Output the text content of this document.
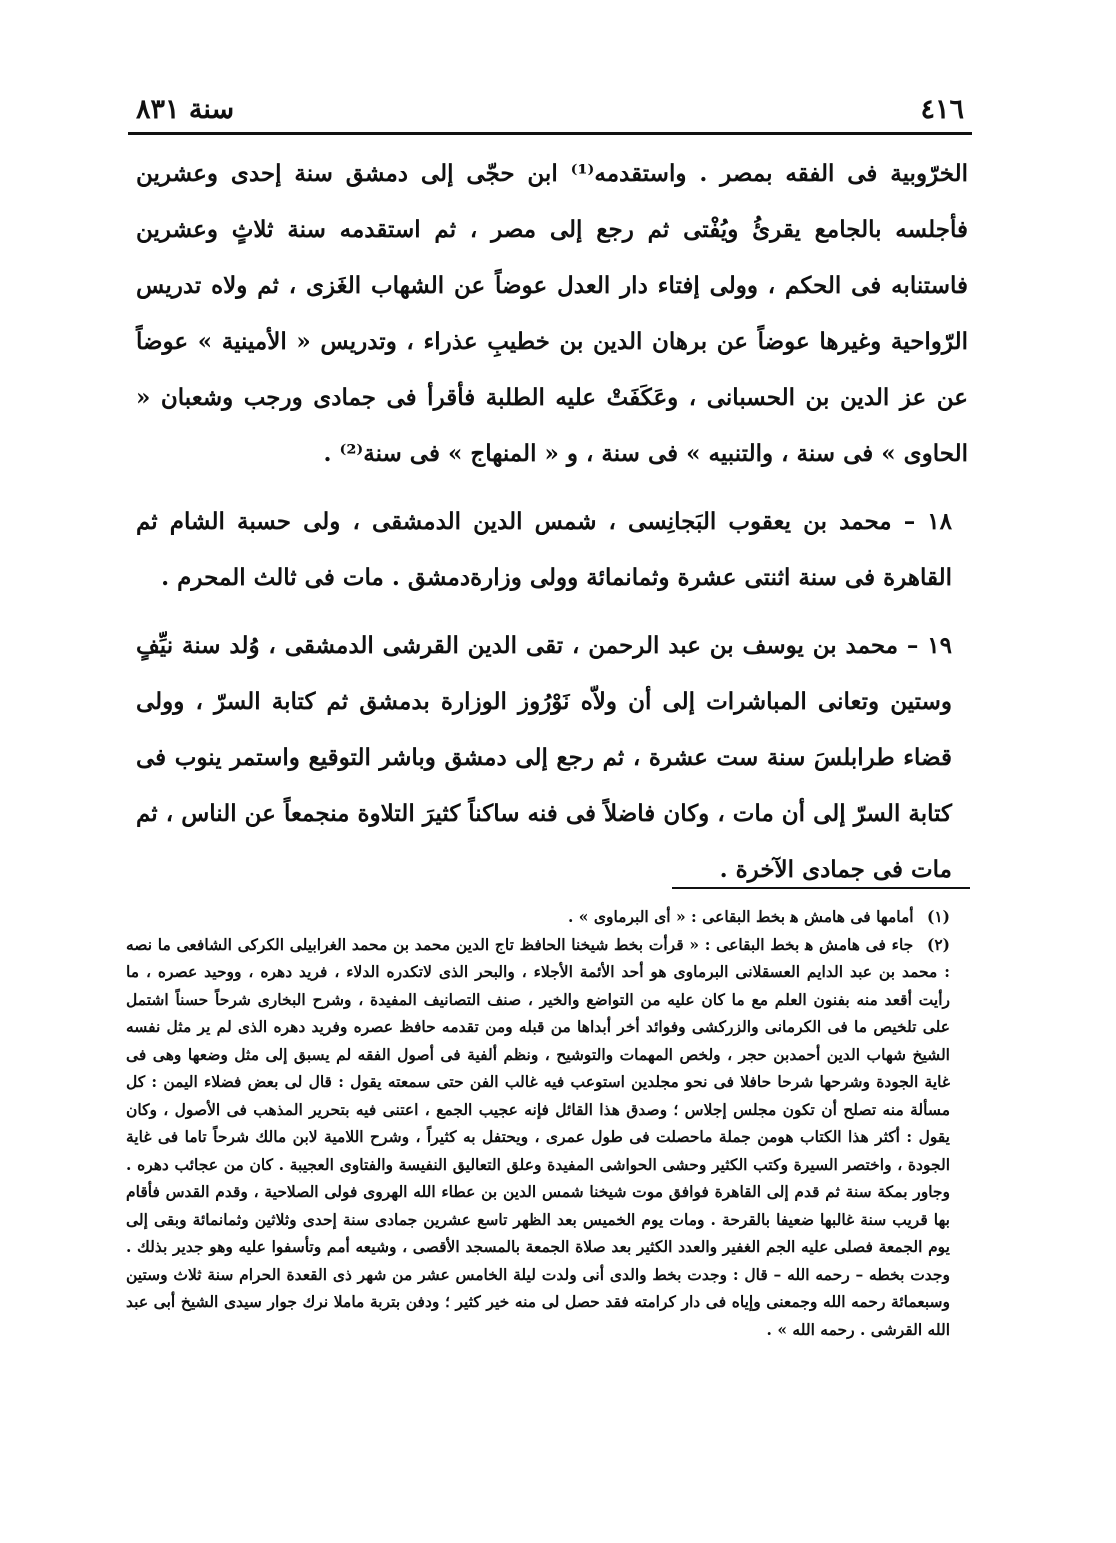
٤١٦
سنة ٨٣١

الخرّوبية فى الفقه بمصر . واستقدمه⁽¹⁾ ابن حجّى إلى دمشق سنة إحدى وعشرين فأجلسه بالجامع يقرئُ ويُفْتى ثم رجع إلى مصر ، ثم استقدمه سنة ثلاثٍ وعشرين فاستنابه فى الحكم ، وولى إفتاء دار العدل عوضاً عن الشهاب الغَزى ، ثم ولاه تدريس الرّواحية وغيرها عوضاً عن برهان الدين بن خطيبِ عذراء ، وتدريس « الأمينية » عوضاً عن عز الدين بن الحسبانى ، وعَكَفَتْ عليه الطلبة فأقرأ فى جمادى ورجب وشعبان « الحاوى » فى سنة ، والتنبيه » فى سنة ، و « المنهاج » فى سنة⁽²⁾ .

١٨ – محمد بن يعقوب البَجانِسى ، شمس الدين الدمشقى ، ولى حسبة الشام ثم القاهرة فى سنة اثنتى عشرة وثمانمائة وولى وزارةدمشق . مات فى ثالث المحرم .

١٩ – محمد بن يوسف بن عبد الرحمن ، تقى الدين القرشى الدمشقى ، وُلد سنة نيِّفٍ وستين وتعانى المباشرات إلى أن ولاّه نَوْرُوز الوزارة بدمشق ثم كتابة السرّ ، وولى قضاء طرابلسَ سنة ست عشرة ، ثم رجع إلى دمشق وباشر التوقيع واستمر ينوب فى كتابة السرّ إلى أن مات ، وكان فاضلاً فى فنه ساكناً كثيرَ التلاوة منجمعاً عن الناس ، ثم مات فى جمادى الآخرة .

(١) أمامها فى هامش ﻫ بخط البقاعى : « أى البرماوى » .

(٢) جاء فى هامش ﻫ بخط البقاعى : « قرأت بخط شيخنا الحافظ تاج الدين محمد بن محمد الغرابيلى الكركى الشافعى ما نصه : محمد بن عبد الدايم العسقلانى البرماوى هو أحد الأئمة الأجلاء ، والبحر الذى لاتكدره الدلاء ، فريد دهره ، ووحيد عصره ، ما رأيت أقعد منه بفنون العلم مع ما كان عليه من التواضع والخير ، صنف التصانيف المفيدة ، وشرح البخارى شرحاً حسناً اشتمل على تلخيص ما فى الكرمانى والزركشى وفوائد أخر أبداها من قبله ومن تقدمه حافظ عصره وفريد دهره الذى لم ير مثل نفسه الشيخ شهاب الدين أحمدبن حجر ، ولخص المهمات والتوشيح ، ونظم ألفية فى أصول الفقه لم يسبق إلى مثل وضعها وهى فى غاية الجودة وشرحها شرحا حافلا فى نحو مجلدين استوعب فيه غالب الفن حتى سمعته يقول : قال لى بعض فضلاء اليمن : كل مسألة منه تصلح أن تكون مجلس إجلاس ؛ وصدق هذا القائل فإنه عجيب الجمع ، اعتنى فيه بتحرير المذهب فى الأصول ، وكان يقول : أكثر هذا الكتاب هومن جملة ماحصلت فى طول عمرى ، ويحتفل به كثيراً ، وشرح اللامية لابن مالك شرحاً تاما فى غاية الجودة ، واختصر السيرة وكتب الكثير وحشى الحواشى المفيدة وعلق التعاليق النفيسة والفتاوى العجيبة . كان من عجائب دهره . وجاور بمكة سنة ثم قدم إلى القاهرة فوافق موت شيخنا شمس الدين بن عطاء الله الهروى فولى الصلاحية ، وقدم القدس فأقام بها قريب سنة غالبها ضعيفا بالقرحة . ومات يوم الخميس بعد الظهر تاسع عشرين جمادى سنة إحدى وثلاثين وثمانمائة وبقى إلى يوم الجمعة فصلى عليه الجم الغفير والعدد الكثير بعد صلاة الجمعة بالمسجد الأقصى ، وشيعه أمم وتأسفوا عليه وهو جدير بذلك . وجدت بخطه – رحمه الله – قال : وجدت بخط والدى أنى ولدت ليلة الخامس عشر من شهر ذى القعدة الحرام سنة ثلاث وستين وسبعمائة رحمه الله وجمعنى وإياه فى دار كرامته فقد حصل لى منه خير كثير ؛ ودفن بتربة ماملا نرك جوار سيدى الشيخ أبى عبد الله القرشى . رحمه الله » .
